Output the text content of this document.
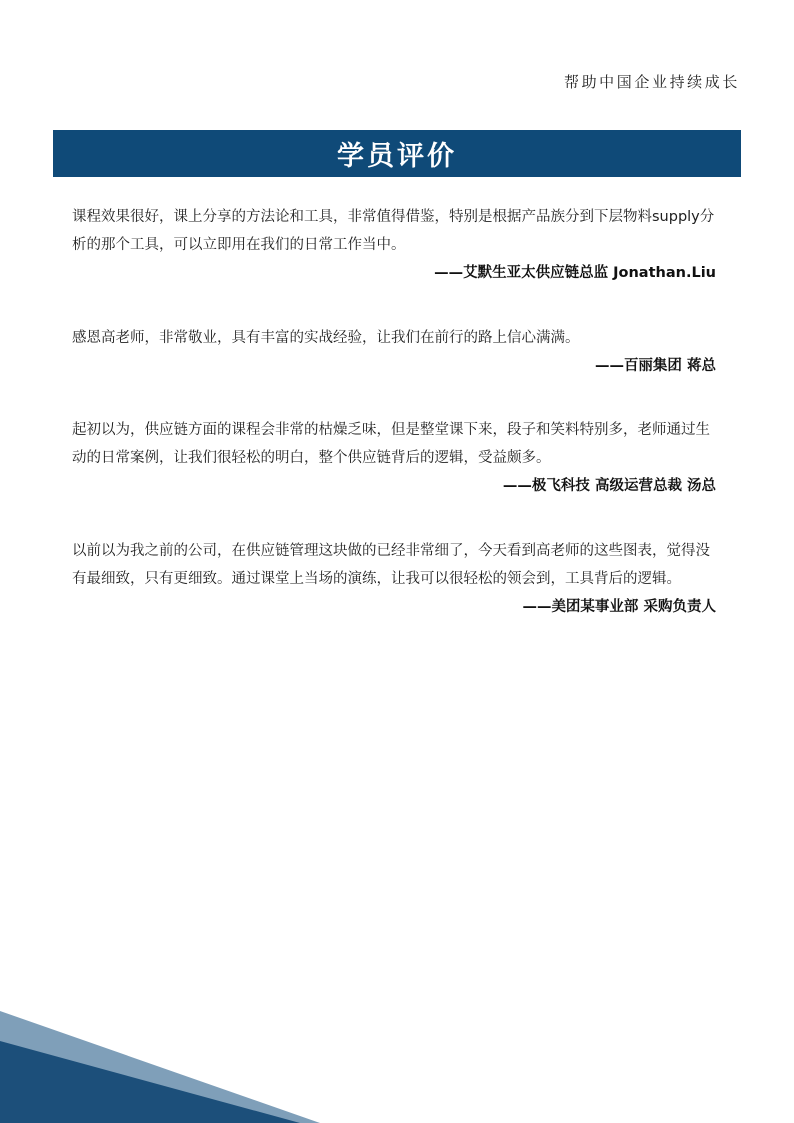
帮助中国企业持续成长
学员评价

课程效果很好，课上分享的方法论和工具，非常值得借鉴，特别是根据产品族分到下层物料supply分析的那个工具，可以立即用在我们的日常工作当中。

——艾默生亚太供应链总监 Jonathan.Liu

感恩高老师，非常敬业，具有丰富的实战经验，让我们在前行的路上信心满满。

——百丽集团 蒋总

起初以为，供应链方面的课程会非常的枯燥乏味，但是整堂课下来，段子和笑料特别多，老师通过生动的日常案例，让我们很轻松的明白，整个供应链背后的逻辑，受益颇多。

——极飞科技 高级运营总裁 汤总

以前以为我之前的公司，在供应链管理这块做的已经非常细了，今天看到高老师的这些图表，觉得没有最细致，只有更细致。通过课堂上当场的演练，让我可以很轻松的领会到，工具背后的逻辑。

——美团某事业部 采购负责人
